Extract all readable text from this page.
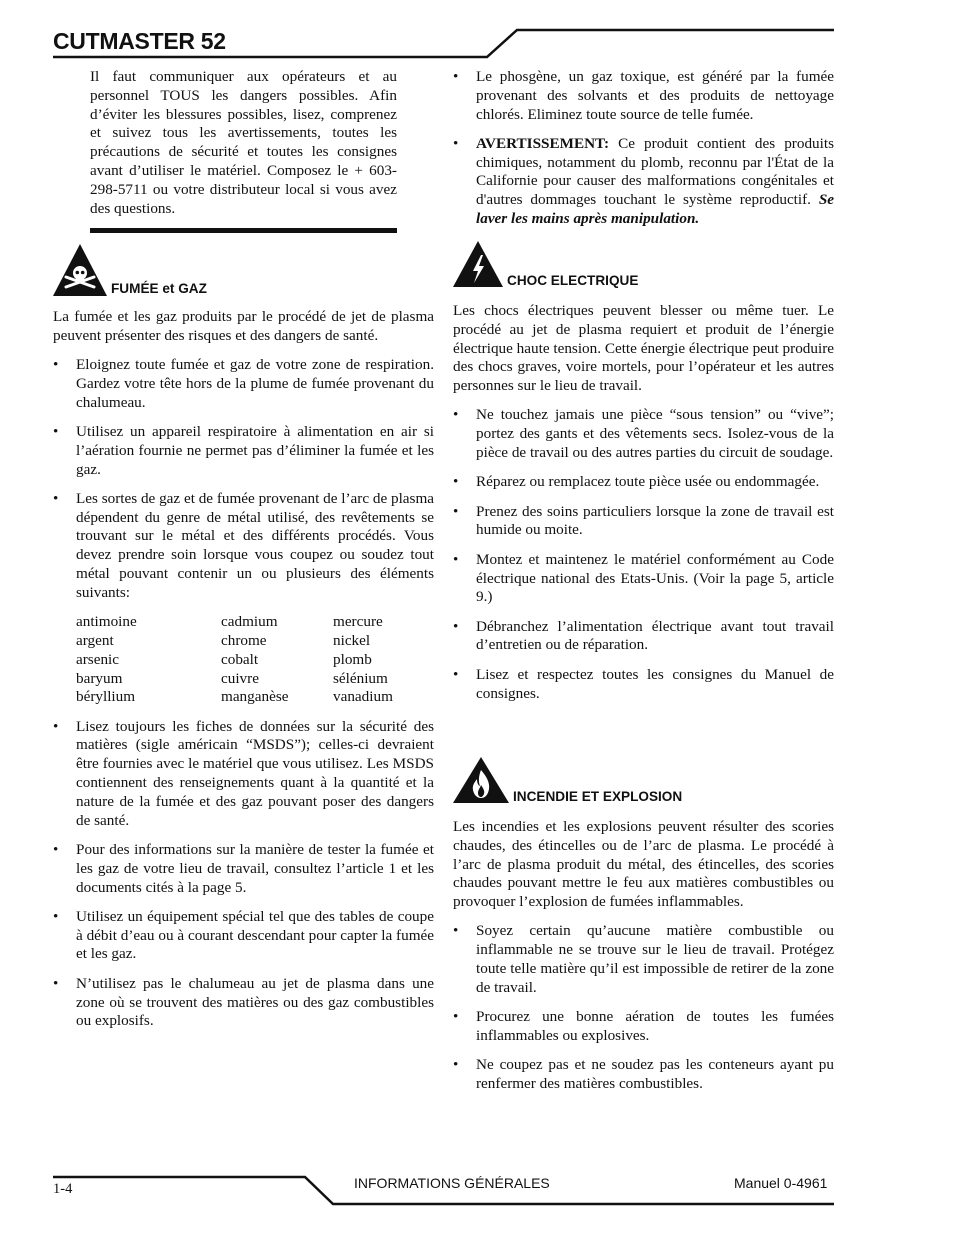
CUTMASTER 52
Il faut communiquer aux opérateurs et au personnel TOUS les dangers possibles. Afin d’éviter les blessures possibles, lisez, comprenez et suivez tous les avertissements, toutes les précautions de sécurité et toutes les consignes avant d’utiliser le matériel. Composez le + 603-298-5711 ou votre distributeur local si vous avez des questions.
FUMÉE et GAZ
La fumée et les gaz produits par le procédé de jet de plasma peuvent présenter des risques et des dangers de santé.
• Eloignez toute fumée et gaz de votre zone de respiration. Gardez votre tête hors de la plume de fumée provenant du chalumeau.
• Utilisez un appareil respiratoire à alimentation en air si l’aération fournie ne permet pas d’éliminer la fumée et les gaz.
• Les sortes de gaz et de fumée provenant de l’arc de plasma dépendent du genre de métal utilisé, des revêtements se trouvant sur le métal et des différents procédés. Vous devez prendre soin lorsque vous coupez ou soudez tout métal pouvant contenir un ou plusieurs des éléments suivants:
antimoine	cadmium	mercure
argent	chrome	nickel
arsenic	cobalt	plomb
baryum	cuivre	sélénium
béryllium	manganèse	vanadium
• Lisez toujours les fiches de données sur la sécurité des matières (sigle américain “MSDS”); celles-ci devraient être fournies avec le matériel que vous utilisez. Les MSDS contiennent des renseignements quant à la quantité et la nature de la fumée et des gaz pouvant poser des dangers de santé.
• Pour des informations sur la manière de tester la fumée et les gaz de votre lieu de travail, consultez l’article 1 et les documents cités à la page 5.
• Utilisez un équipement spécial tel que des tables de coupe à débit d’eau ou à courant descendant pour capter la fumée et les gaz.
• N’utilisez pas le chalumeau au jet de plasma dans une zone où se trouvent des matières ou des gaz combustibles ou explosifs.
• Le phosgène, un gaz toxique, est généré par la fumée provenant des solvants et des produits de nettoyage chlorés. Eliminez toute source de telle fumée.
• AVERTISSEMENT: Ce produit contient des produits chimiques, notamment du plomb, reconnu par l'État de la Californie pour causer des malformations congénitales et d'autres dommages touchant le système reproductif. Se laver les mains après manipulation.
CHOC ELECTRIQUE
Les chocs électriques peuvent blesser ou même tuer. Le procédé au jet de plasma requiert et produit de l’énergie électrique haute tension. Cette énergie électrique peut produire des chocs graves, voire mortels, pour l’opérateur et les autres personnes sur le lieu de travail.
• Ne touchez jamais une pièce “sous tension” ou “vive”; portez des gants et des vêtements secs. Isolez-vous de la pièce de travail ou des autres parties du circuit de soudage.
• Réparez ou remplacez toute pièce usée ou endommagée.
• Prenez des soins particuliers lorsque la zone de travail est humide ou moite.
• Montez et maintenez le matériel conformément au Code électrique national des Etats-Unis. (Voir la page 5, article 9.)
• Débranchez l’alimentation électrique avant tout travail d’entretien ou de réparation.
• Lisez et respectez toutes les consignes du Manuel de consignes.
INCENDIE ET EXPLOSION
Les incendies et les explosions peuvent résulter des scories chaudes, des étincelles ou de l’arc de plasma. Le procédé à l’arc de plasma produit du métal, des étincelles, des scories chaudes pouvant mettre le feu aux matières combustibles ou provoquer l’explosion de fumées inflammables.
• Soyez certain qu’aucune matière combustible ou inflammable ne se trouve sur le lieu de travail. Protégez toute telle matière qu’il est impossible de retirer de la zone de travail.
• Procurez une bonne aération de toutes les fumées inflammables ou explosives.
• Ne coupez pas et ne soudez pas les conteneurs ayant pu renfermer des matières combustibles.
1-4	INFORMATIONS GÉNÉRALES	Manuel 0-4961
